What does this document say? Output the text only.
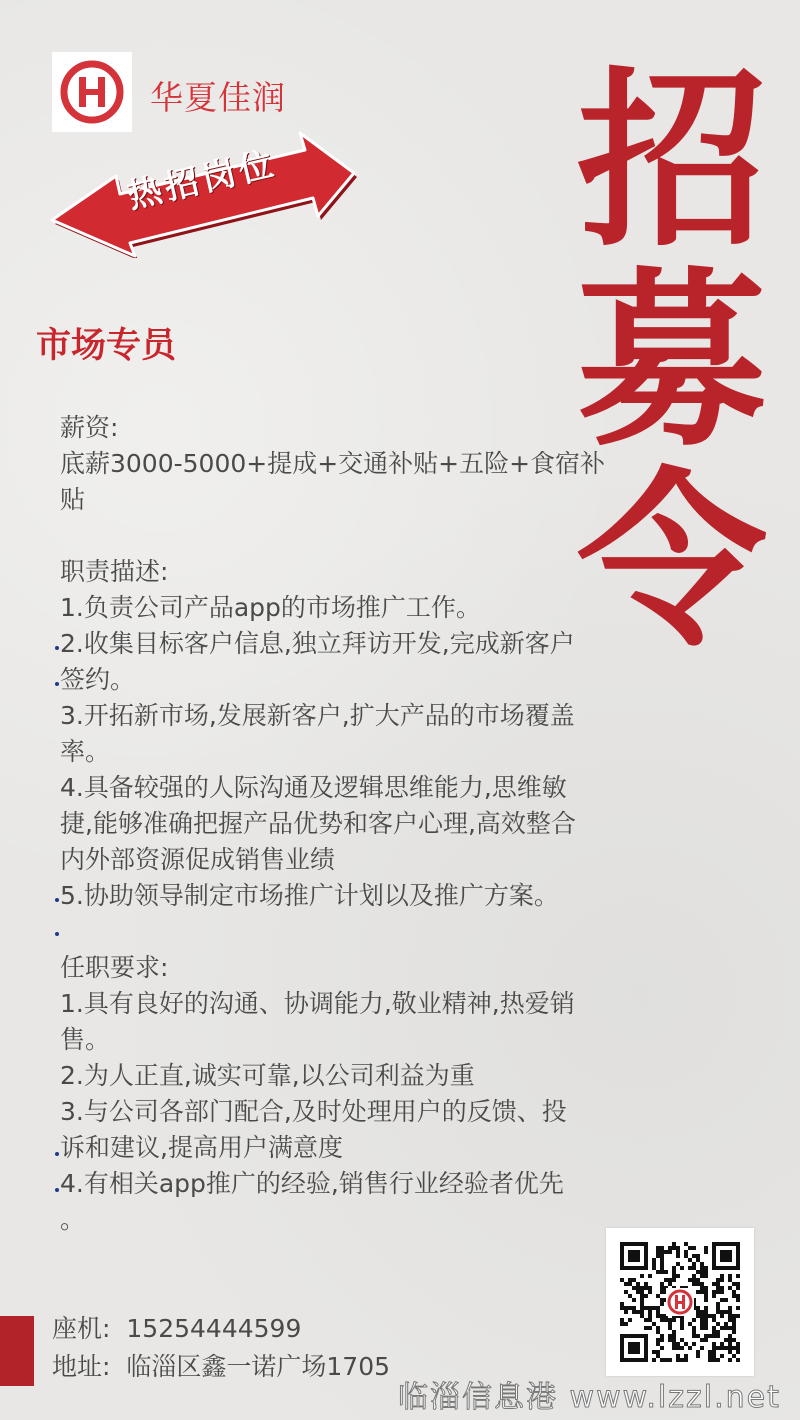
华夏佳润
热招岗位 招
募
令
市场专员

薪资:

底薪3000-5000+提成+交通补贴+五险+食宿补

贴

职责描述:

1.负责公司产品app的市场推广工作。

2.收集目标客户信息,独立拜访开发,完成新客户

签约。

3.开拓新市场,发展新客户,扩大产品的市场覆盖

率。

4.具备较强的人际沟通及逻辑思维能力,思维敏

捷,能够准确把握产品优势和客户心理,高效整合

内外部资源促成销售业绩

5.协助领导制定市场推广计划以及推广方案。

任职要求:

1.具有良好的沟通、协调能力,敬业精神,热爱销

售。

2.为人正直,诚实可靠,以公司利益为重

3.与公司各部门配合,及时处理用户的反馈、投

诉和建议,提高用户满意度

4.有相关app推广的经验,销售行业经验者优先

。

座机: 15254444599
地址: 临淄区鑫一诺广场1705
临淄信息港 www.lzzl.net
